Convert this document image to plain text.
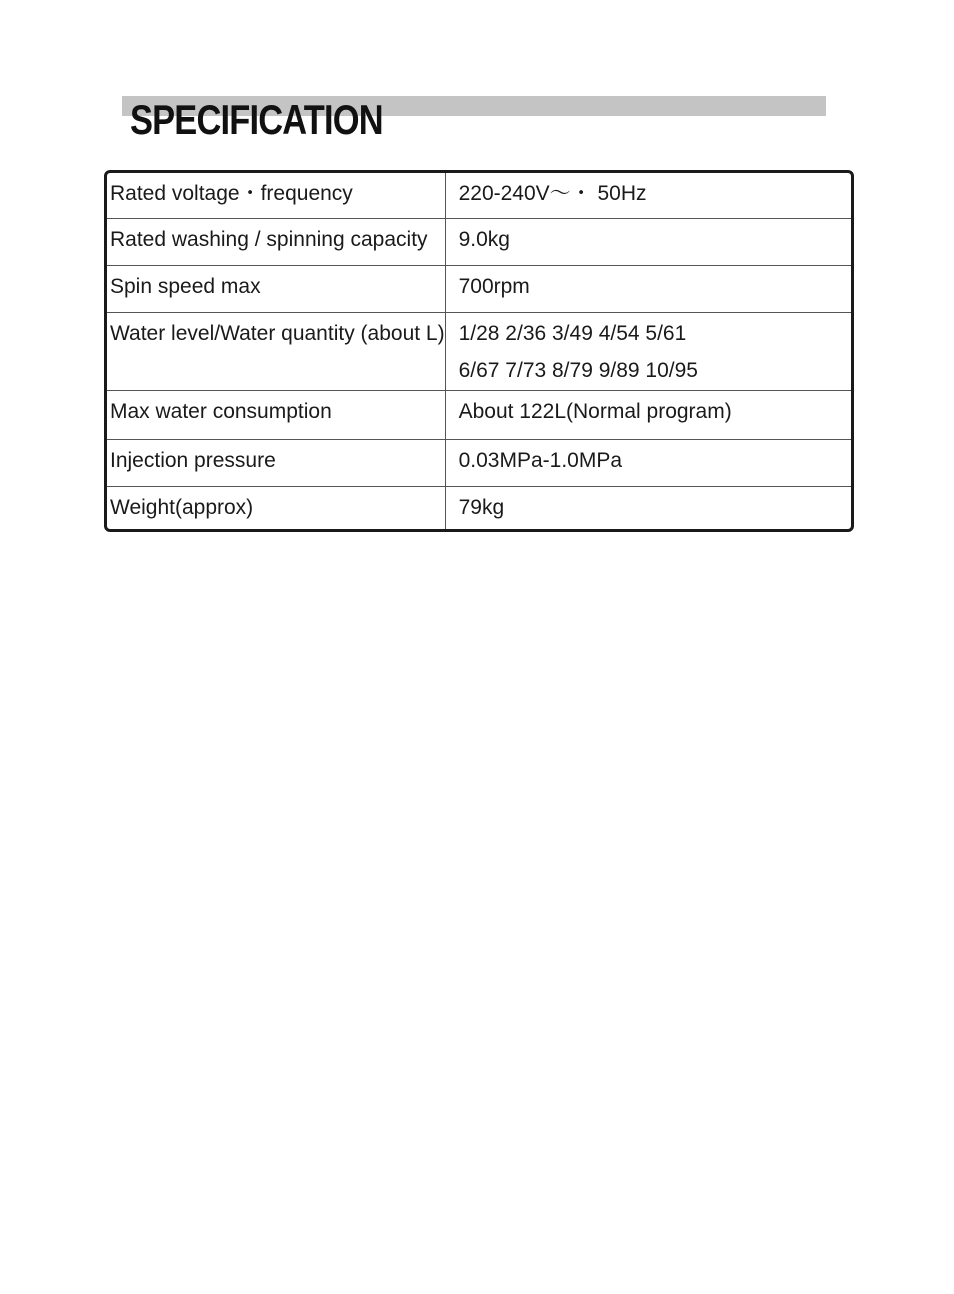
SPECIFICATION
Rated voltage・frequency	220-240V～・ 50Hz

Rated washing / spinning capacity	9.0kg

Spin speed max	700rpm

Water level/Water quantity (about L)	1/28 2/36 3/49 4/54 5/61
6/67 7/73 8/79 9/89 10/95

Max water consumption	About 122L(Normal program)

Injection pressure	0.03MPa-1.0MPa

Weight(approx)	79kg
